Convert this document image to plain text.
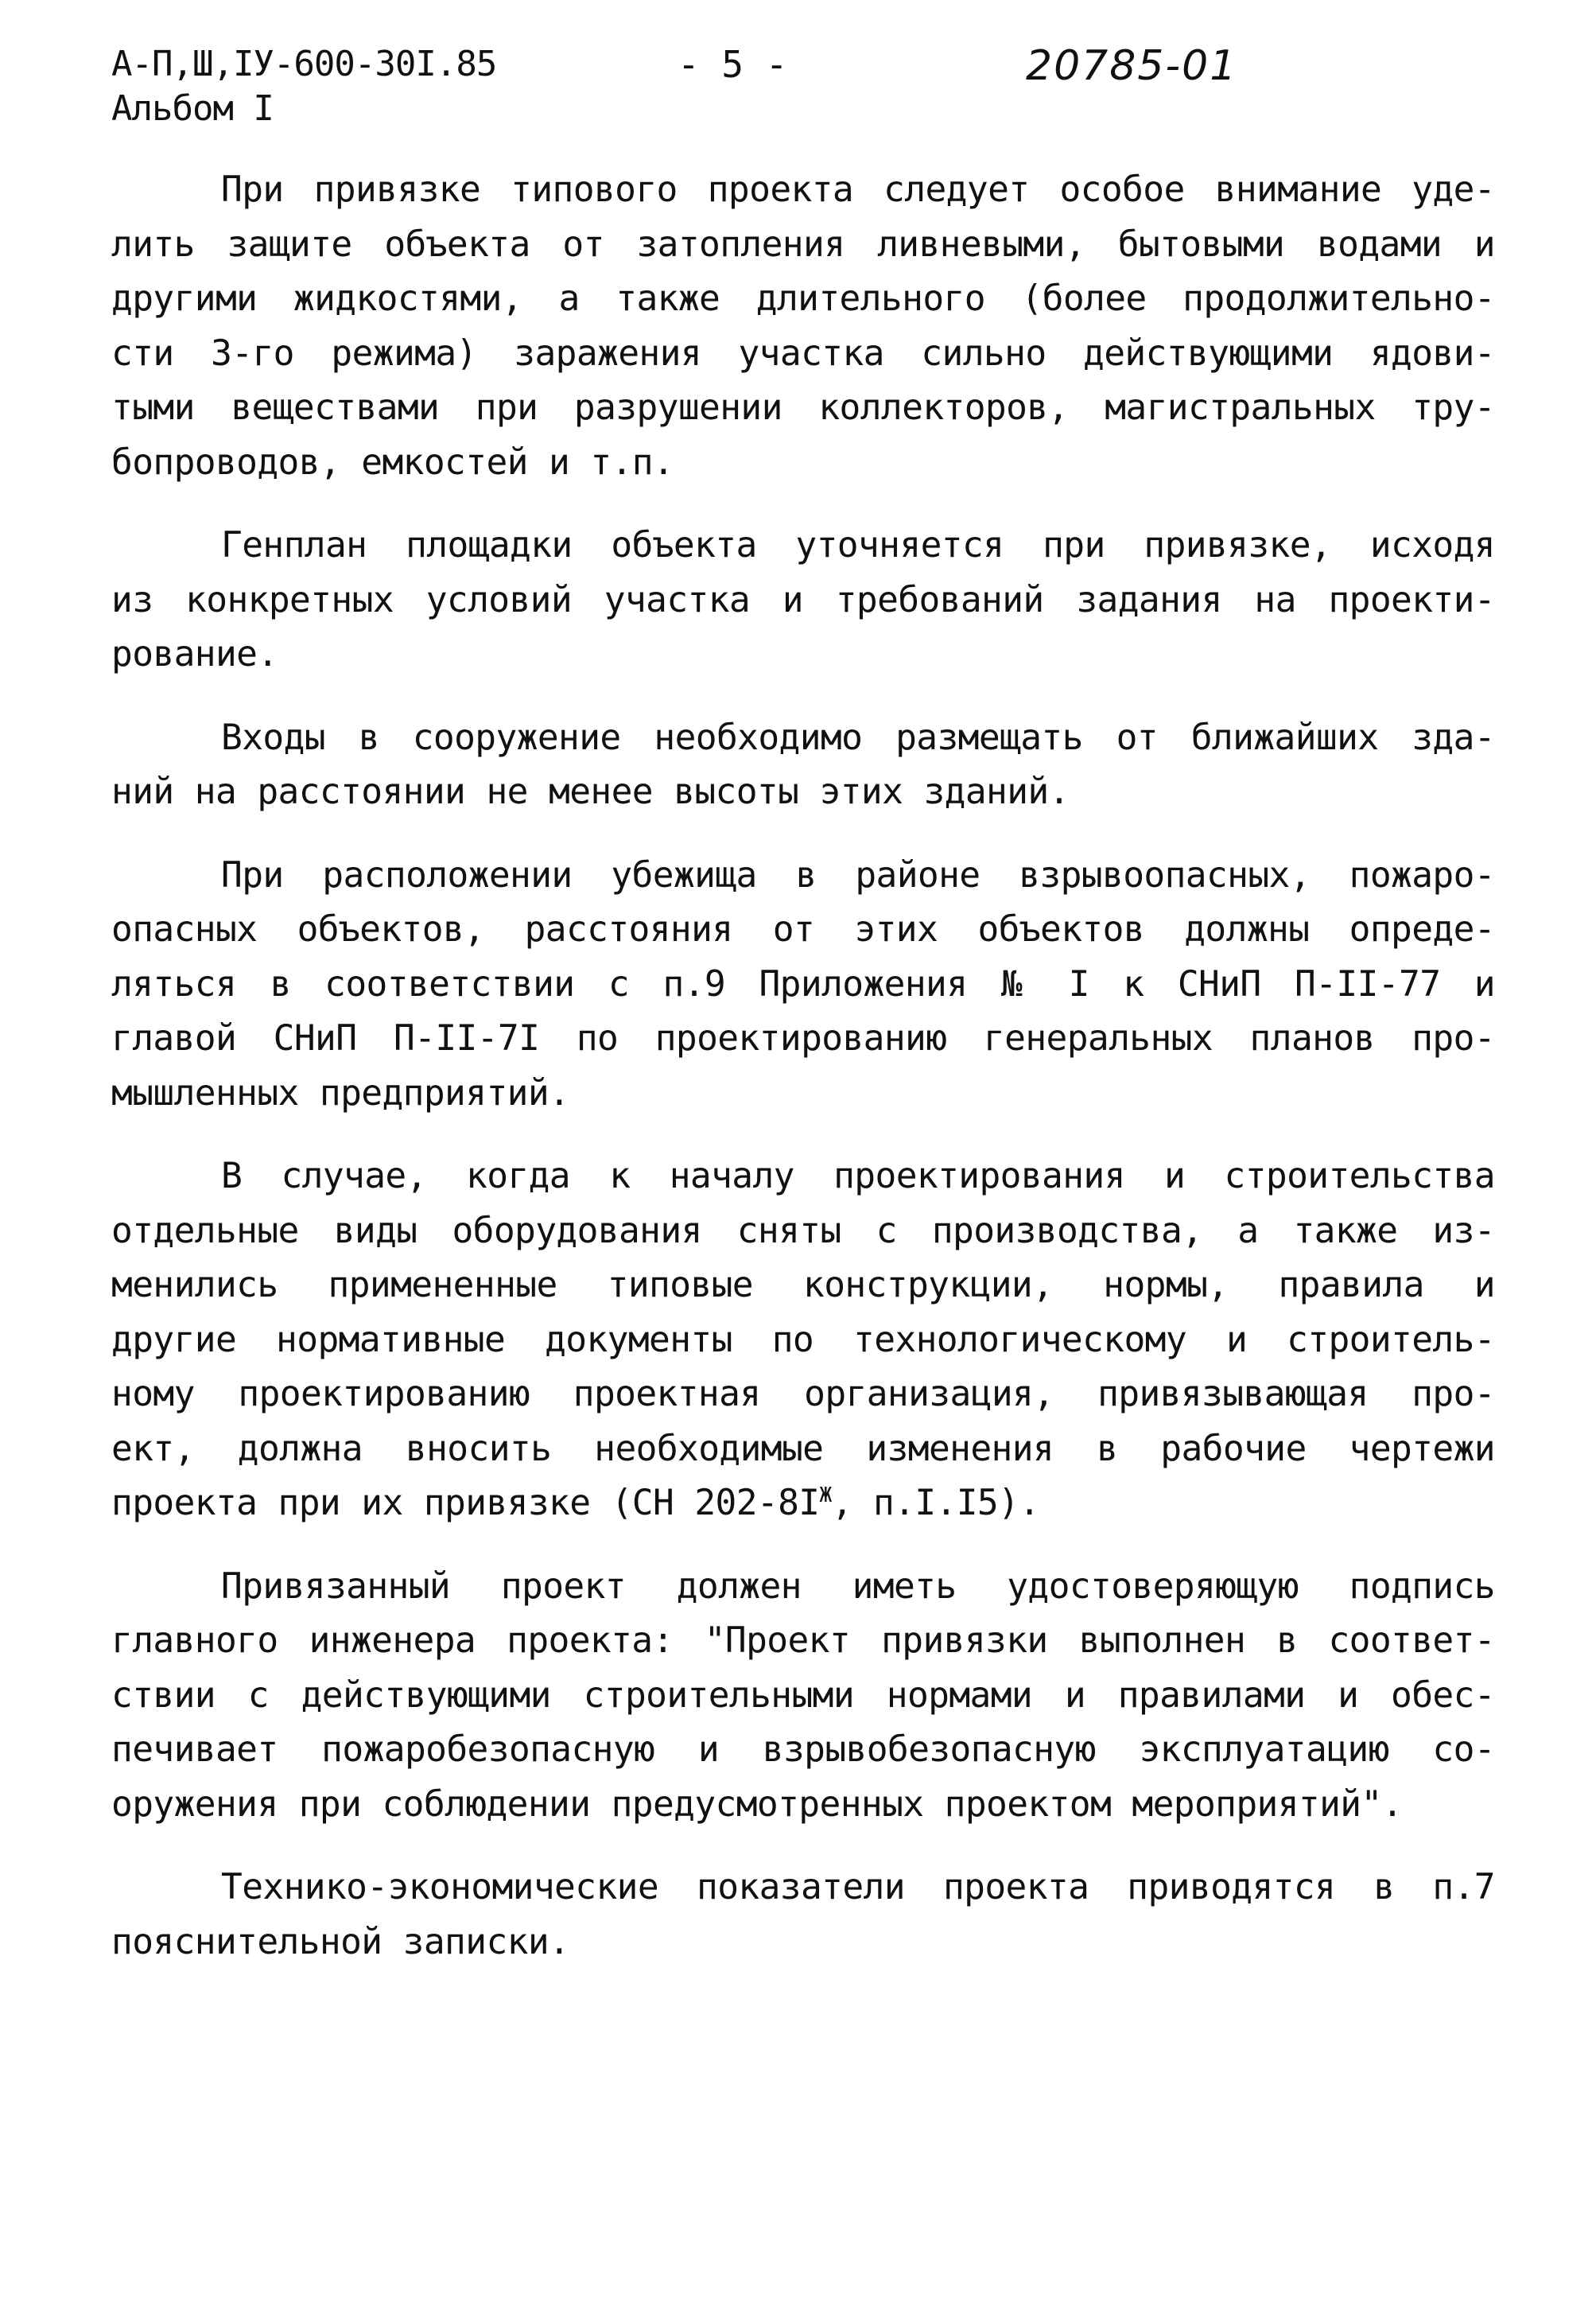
А-П,Ш,IУ-600-30I.85
Альбом I
- 5 -	20785-01
При привязке типового проекта следует особое внимание уде-
лить защите объекта от затопления ливневыми, бытовыми водами и
другими жидкостями, а также длительного (более продолжительно-
сти 3-го режима) заражения участка сильно действующими ядови-
тыми веществами при разрушении коллекторов, магистральных тру-
бопроводов, емкостей и т.п.
Генплан площадки объекта уточняется при привязке, исходя
из конкретных условий участка и требований задания на проекти-
рование.
Входы в сооружение необходимо размещать от ближайших зда-
ний на расстоянии не менее высоты этих зданий.
При расположении убежища в районе взрывоопасных, пожаро-
опасных объектов, расстояния от этих объектов должны опреде-
ляться в соответствии с п.9 Приложения № I к СНиП П-II-77 и
главой СНиП П-II-7I по проектированию генеральных планов про-
мышленных предприятий.
В случае, когда к началу проектирования и строительства
отдельные виды оборудования сняты с производства, а также из-
менились примененные типовые конструкции, нормы, правила и
другие нормативные документы по технологическому и строитель-
ному проектированию проектная организация, привязывающая про-
ект, должна вносить необходимые изменения в рабочие чертежи
проекта при их привязке (СН $202-8I^Ж$, п.I.I5).
Привязанный проект должен иметь удостоверяющую подпись
главного инженера проекта: "Проект привязки выполнен в соответ-
ствии с действующими строительными нормами и правилами и обес-
печивает пожаробезопасную и взрывобезопасную эксплуатацию со-
оружения при соблюдении предусмотренных проектом мероприятий".
Технико-экономические показатели проекта приводятся в п.7
пояснительной записки.
